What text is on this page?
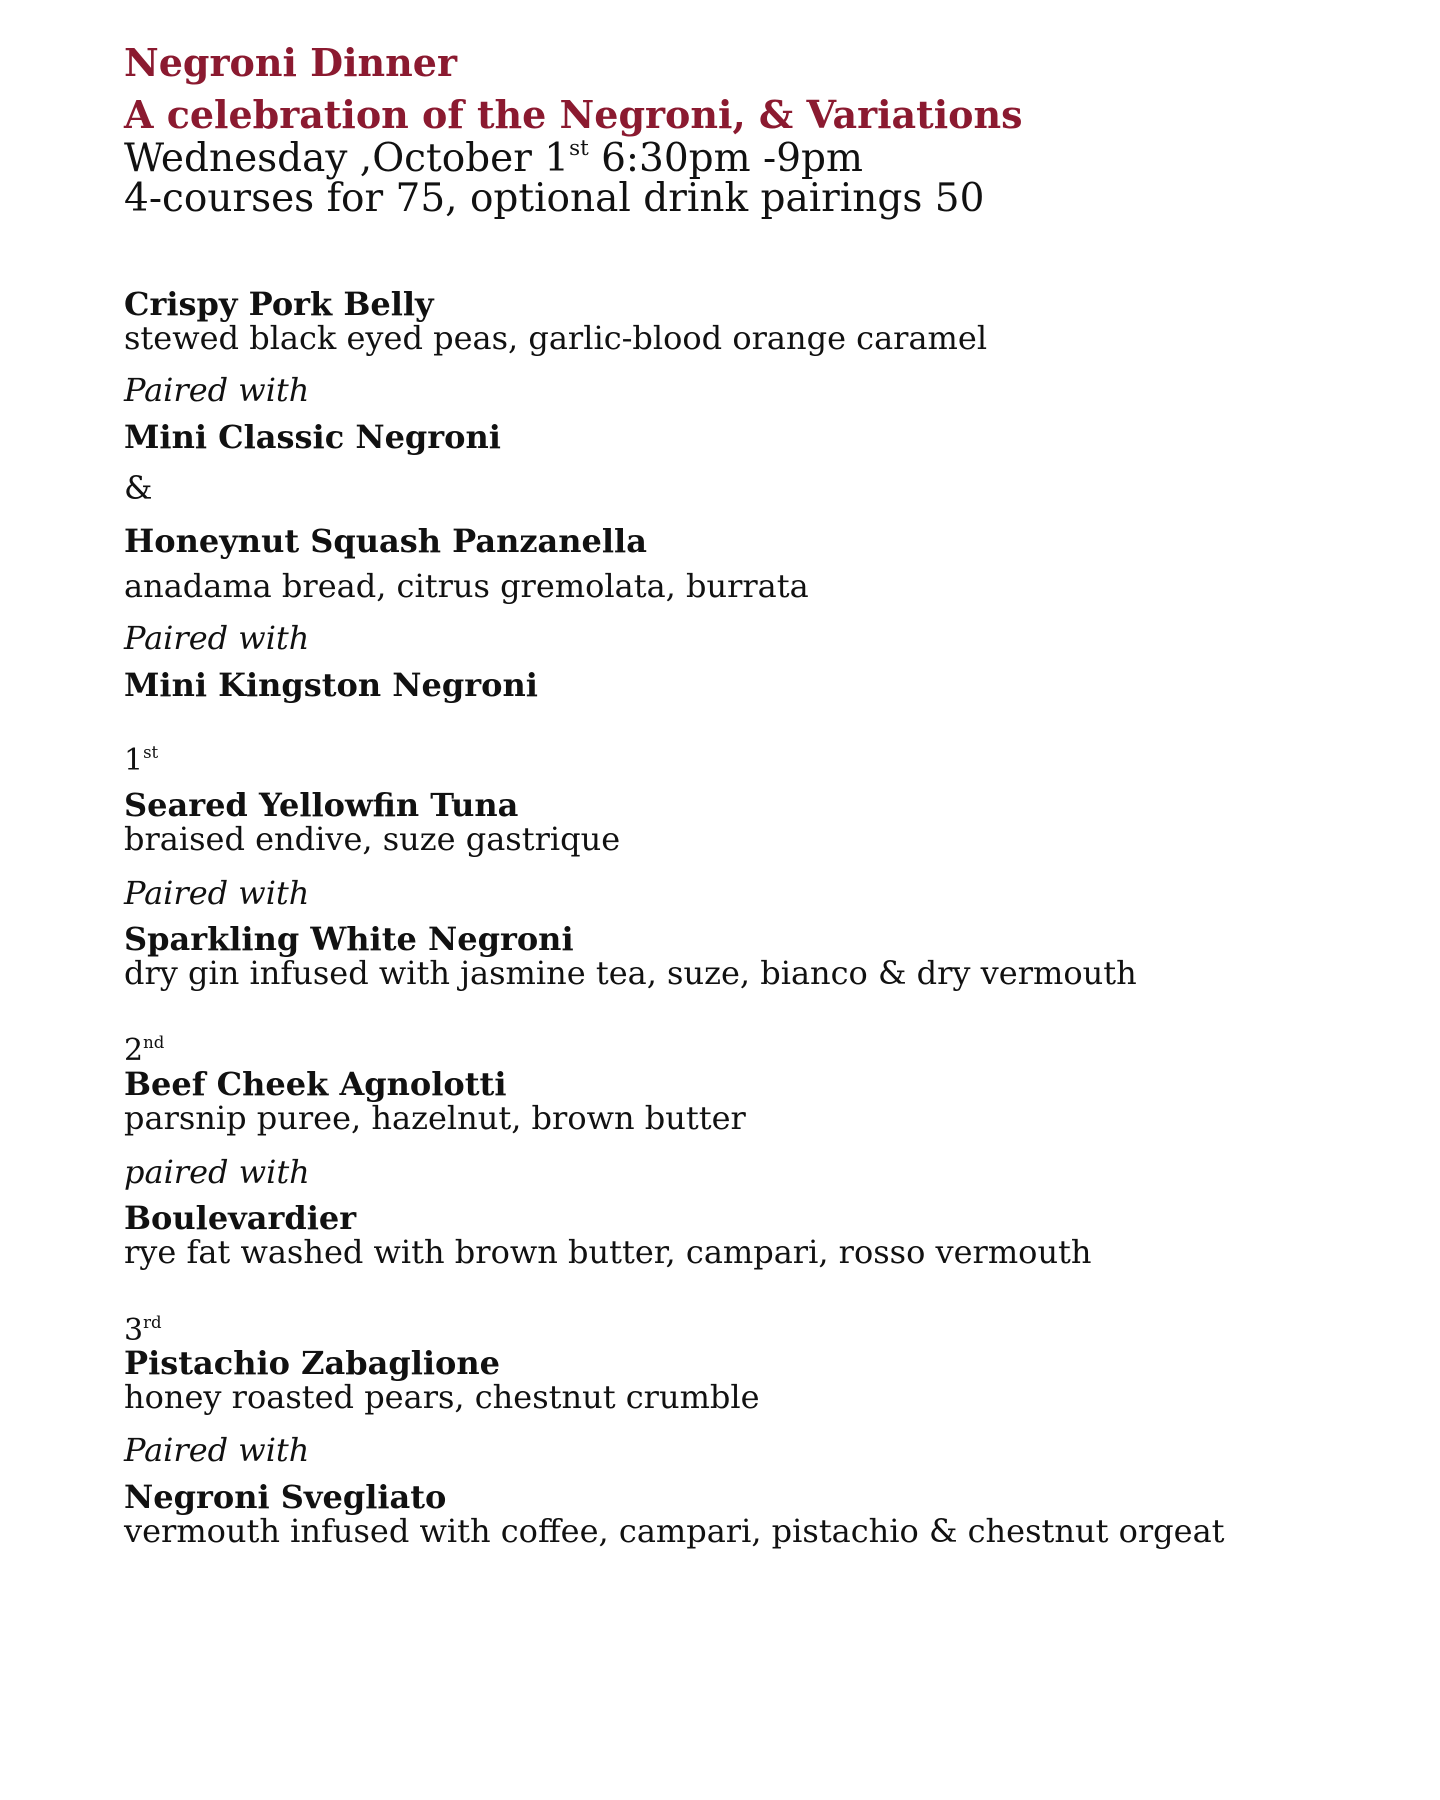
Negroni Dinner
A celebration of the Negroni, & Variations
Wednesday ,October 1st 6:30pm -9pm
4-courses for 75, optional drink pairings 50
Crispy Pork Belly
stewed black eyed peas, garlic-blood orange caramel
Paired with
Mini Classic Negroni
&
Honeynut Squash Panzanella
anadama bread, citrus gremolata, burrata
Paired with
Mini Kingston Negroni
1st
Seared Yellowfin Tuna
braised endive, suze gastrique
Paired with
Sparkling White Negroni
dry gin infused with jasmine tea, suze, bianco & dry vermouth
2nd
Beef Cheek Agnolotti
parsnip puree, hazelnut, brown butter
paired with
Boulevardier
rye fat washed with brown butter, campari, rosso vermouth
3rd
Pistachio Zabaglione
honey roasted pears, chestnut crumble
Paired with
Negroni Svegliato
vermouth infused with coffee, campari, pistachio & chestnut orgeat
